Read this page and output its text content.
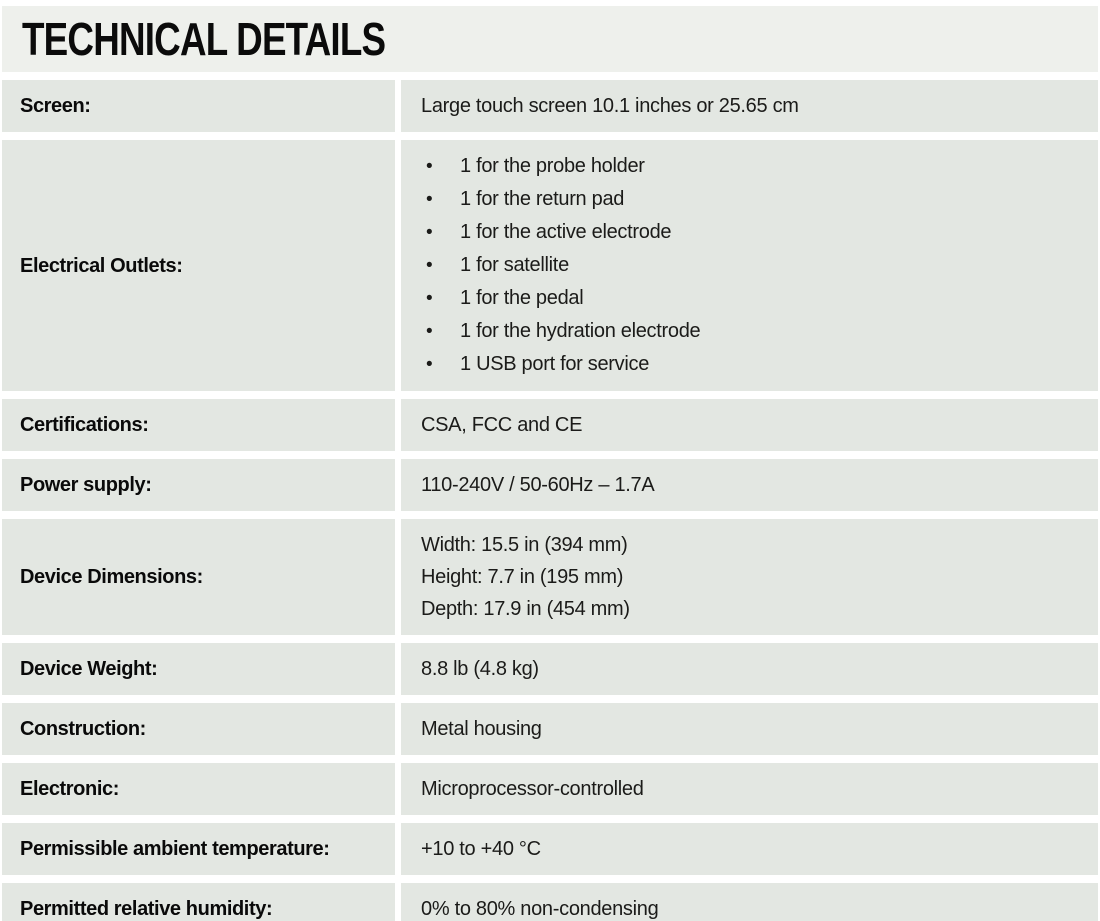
TECHNICAL DETAILS
Screen:	Large touch screen 10.1 inches or 25.65 cm
Electrical Outlets:
•	1 for the probe holder
•	1 for the return pad
•	1 for the active electrode
•	1 for satellite
•	1 for the pedal
•	1 for the hydration electrode
•	1 USB port for service
Certifications:	CSA, FCC and CE
Power supply:	110-240V / 50-60Hz – 1.7A
Device Dimensions:
Width: 15.5 in (394 mm)
Height: 7.7 in (195 mm)
Depth: 17.9 in (454 mm)
Device Weight:	8.8 lb (4.8 kg)
Construction:	Metal housing
Electronic:	Microprocessor-controlled
Permissible ambient temperature:	+10 to +40 °C
Permitted relative humidity:	0% to 80% non-condensing
